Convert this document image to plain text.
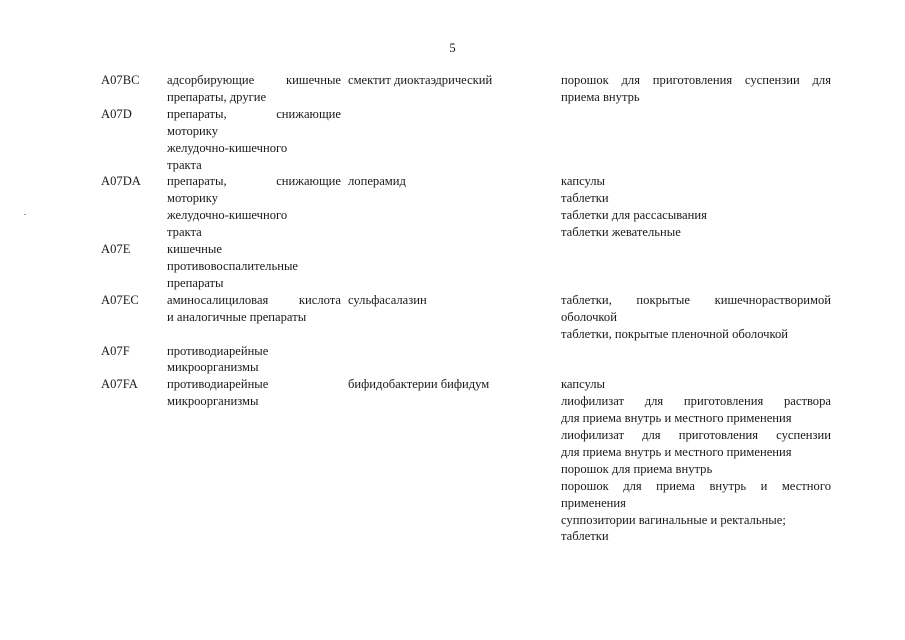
5
A07BC	адсорбирующие кишечные
препараты, другие
смектит диоктаэдрический	порошок для приготовления суспензии для
приема внутрь
A07D	препараты, снижающие
моторику
желудочно-кишечного
тракта
A07DA	препараты, снижающие
моторику
желудочно-кишечного
тракта
лоперамид	капсулы
таблетки
таблетки для рассасывания
таблетки жевательные
A07E	кишечные
противовоспалительные
препараты
A07EC	аминосалициловая кислота
и аналогичные препараты
сульфасалазин	таблетки, покрытые кишечнорастворимой
оболочкой
таблетки, покрытые пленочной оболочкой
A07F	противодиарейные
микроорганизмы
A07FA	противодиарейные
микроорганизмы
бифидобактерии бифидум	капсулы
лиофилизат для приготовления раствора
для приема внутрь и местного применения
лиофилизат для приготовления суспензии
для приема внутрь и местного применения
порошок для приема внутрь
порошок для приема внутрь и местного
применения
суппозитории вагинальные и ректальные;
таблетки
